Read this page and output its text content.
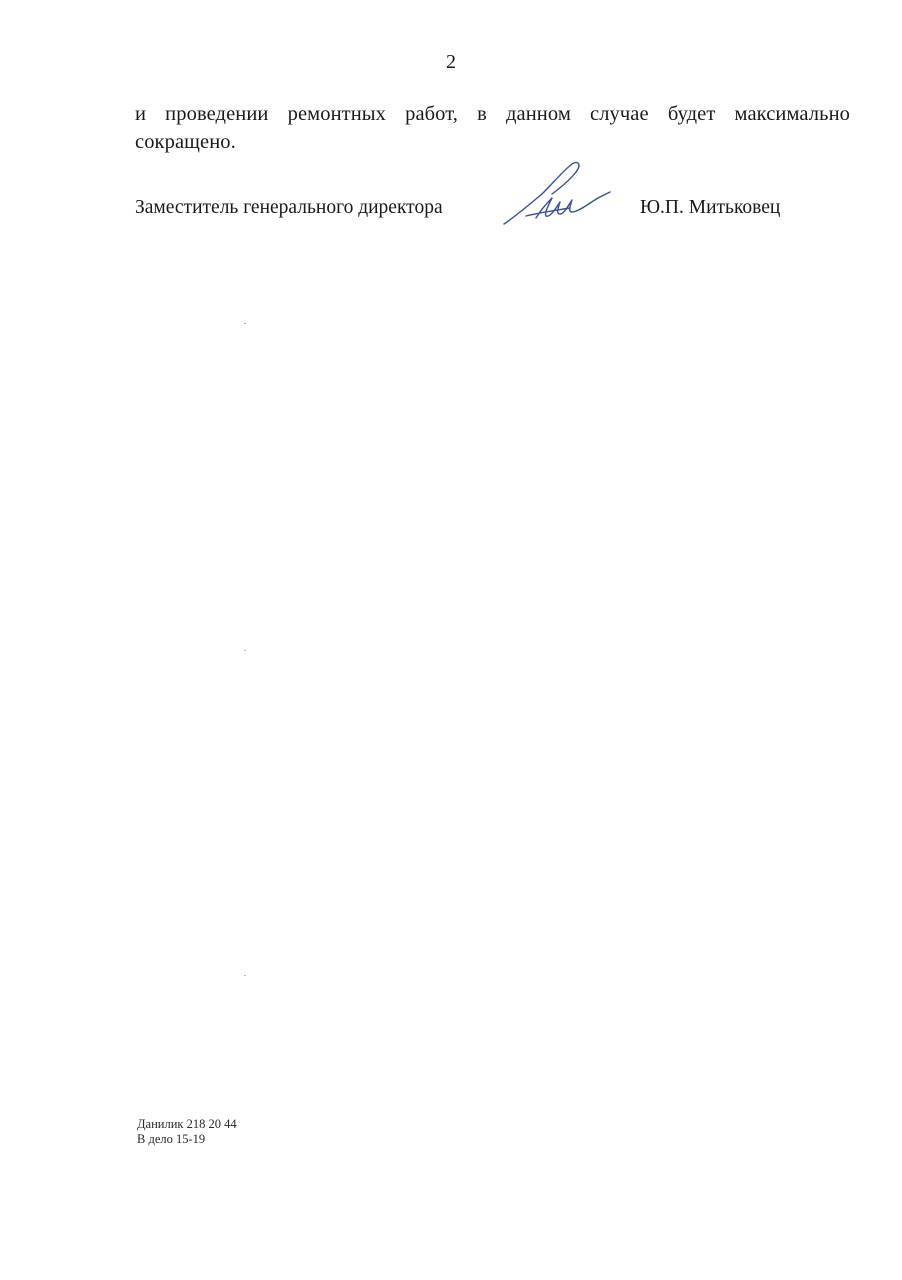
2
и проведении ремонтных работ, в данном случае будет максимально
сокращено.
Заместитель генерального директора	Ю.П. Митьковец
Данилик 218 20 44
В дело 15-19
